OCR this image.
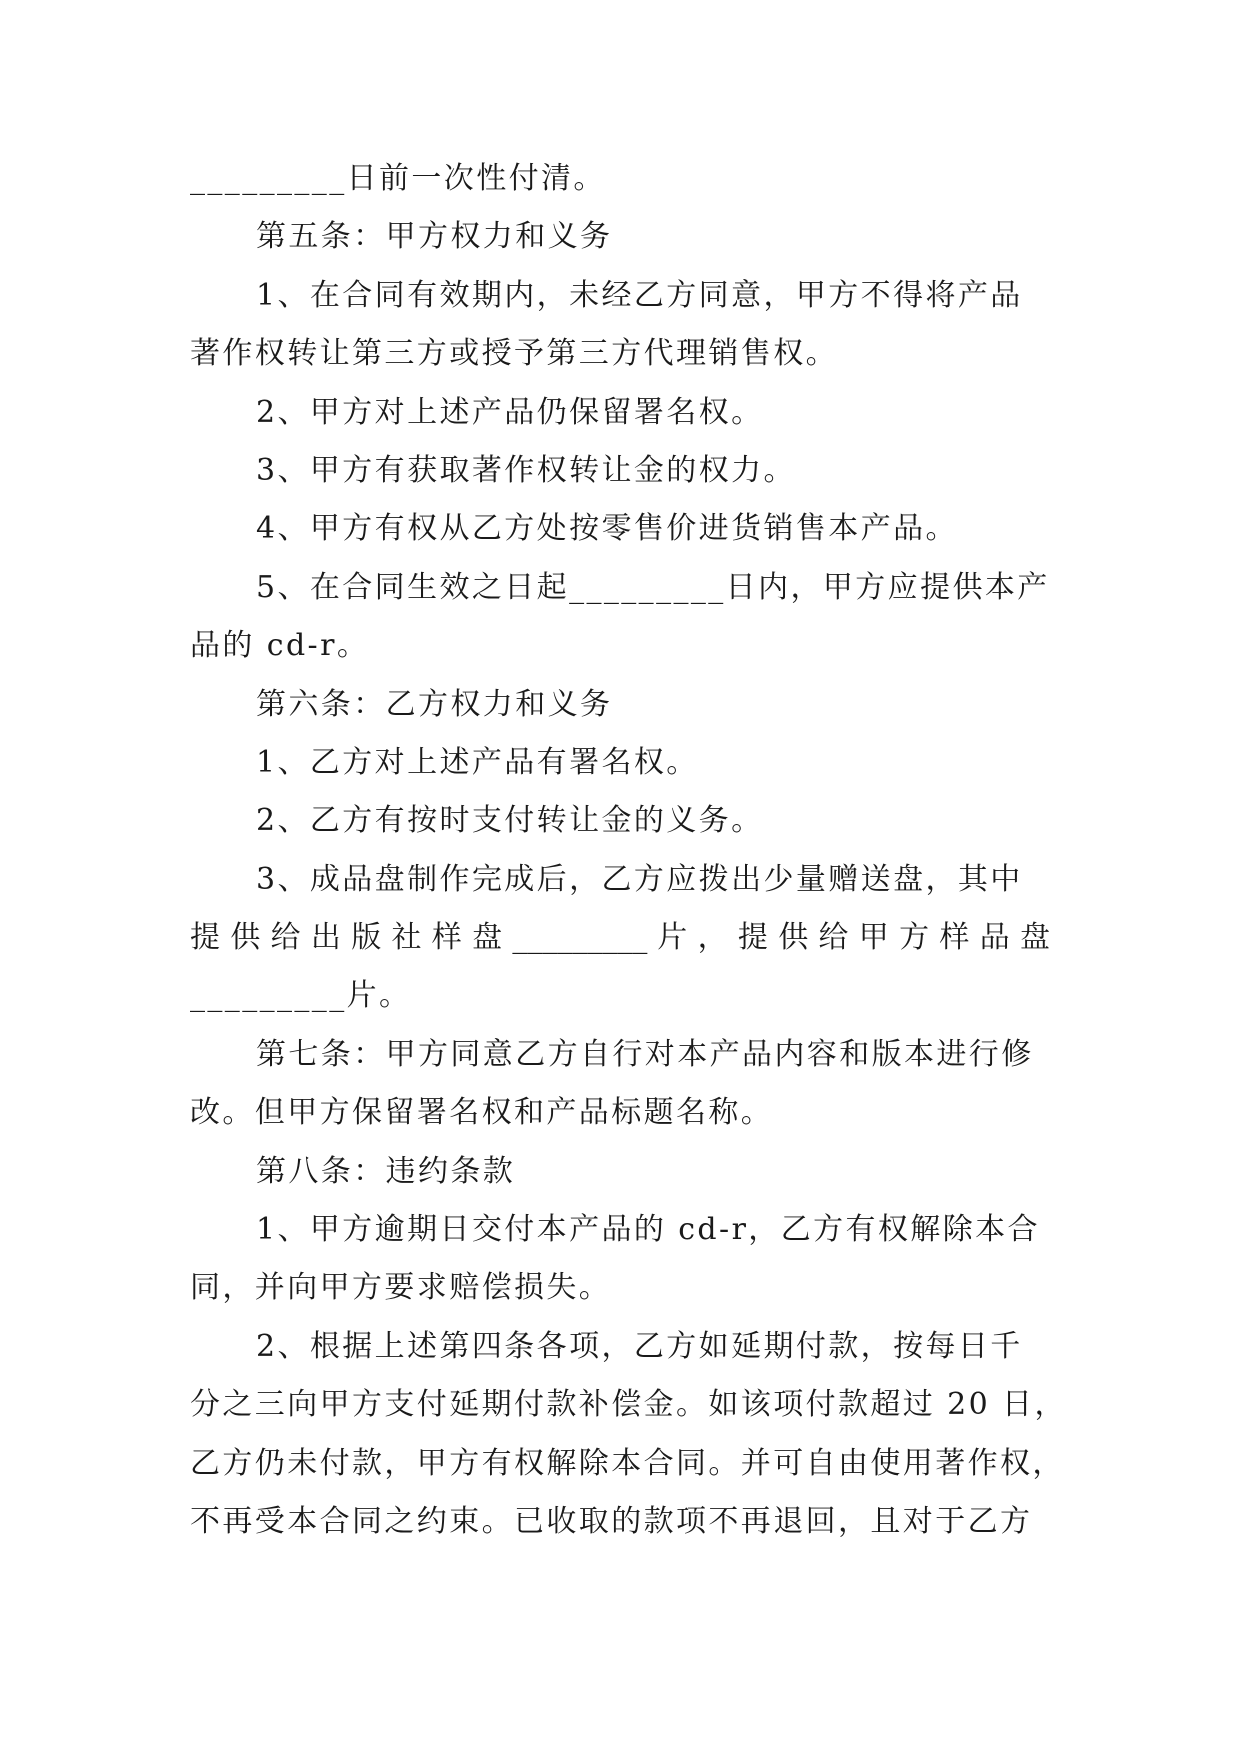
_________日前一次性付清。
第五条：甲方权力和义务
1、在合同有效期内，未经乙方同意，甲方不得将产品
著作权转让第三方或授予第三方代理销售权。
2、甲方对上述产品仍保留署名权。
3、甲方有获取著作权转让金的权力。
4、甲方有权从乙方处按零售价进货销售本产品。
5、在合同生效之日起_________日内，甲方应提供本产
品的 cd-r。
第六条：乙方权力和义务
1、乙方对上述产品有署名权。
2、乙方有按时支付转让金的义务。
3、成品盘制作完成后，乙方应拨出少量赠送盘，其中
提 供 给 出 版 社 样 盘 _________ 片 ， 提 供 给 甲 方 样 品 盘
_________片。
第七条：甲方同意乙方自行对本产品内容和版本进行修
改。但甲方保留署名权和产品标题名称。
第八条：违约条款
1、甲方逾期日交付本产品的 cd-r，乙方有权解除本合
同，并向甲方要求赔偿损失。
2、根据上述第四条各项，乙方如延期付款，按每日千
分之三向甲方支付延期付款补偿金。如该项付款超过 20 日，
乙方仍未付款，甲方有权解除本合同。并可自由使用著作权，
不再受本合同之约束。已收取的款项不再退回，且对于乙方
